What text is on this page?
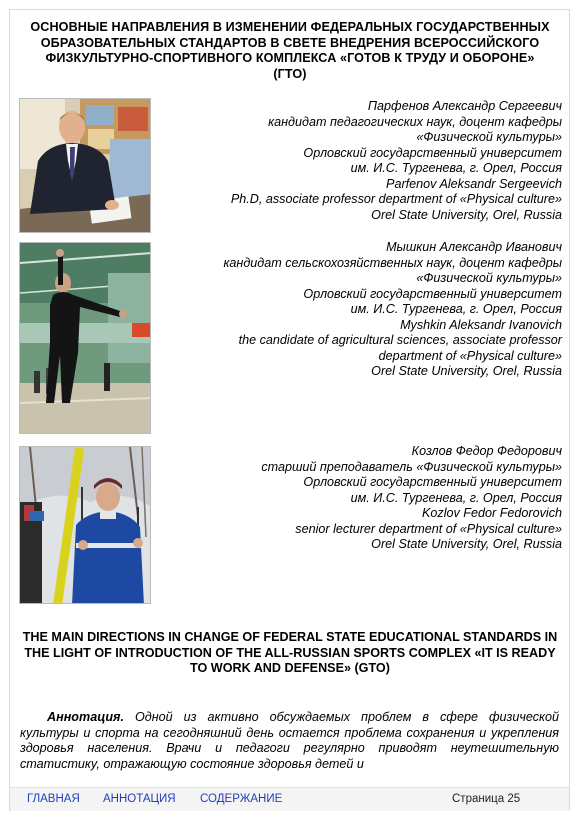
ОСНОВНЫЕ НАПРАВЛЕНИЯ В ИЗМЕНЕНИИ ФЕДЕРАЛЬНЫХ ГОСУДАРСТВЕННЫХ ОБРАЗОВАТЕЛЬНЫХ СТАНДАРТОВ В СВЕТЕ ВНЕДРЕНИЯ ВСЕРОССИЙСКОГО ФИЗКУЛЬТУРНО-СПОРТИВНОГО КОМПЛЕКСА «ГОТОВ К ТРУДУ И ОБОРОНЕ» (ГТО)
Парфенов Александр Сергеевич
кандидат педагогических наук, доцент кафедры
«Физической культуры»
Орловский государственный университет
им. И.С. Тургенева, г. Орел, Россия
Parfenov Aleksandr Sergeevich
Ph.D, associate professor department of «Physical culture»
Orel State University, Orel, Russia
Мышкин Александр Иванович
кандидат сельскохозяйственных наук, доцент кафедры
«Физической культуры»
Орловский государственный университет
им. И.С. Тургенева, г. Орел, Россия
Myshkin Aleksandr Ivanovich
the candidate of agricultural sciences, associate professor
department of «Physical culture»
Orel State University, Orel, Russia
Козлов Федор Федорович
старший преподаватель «Физической культуры»
Орловский государственный университет
им. И.С. Тургенева, г. Орел, Россия
Kozlov Fedor Fedorovich
senior lecturer department of «Physical culture»
Orel State University, Orel, Russia
THE MAIN DIRECTIONS IN CHANGE OF FEDERAL STATE EDUCATIONAL STANDARDS IN THE LIGHT OF INTRODUCTION OF THE ALL-RUSSIAN SPORTS COMPLEX «IT IS READY TO WORK AND DEFENSE» (GTO)
Аннотация. Одной из активно обсуждаемых проблем в сфере физической культуры и спорта на сегодняшний день остается проблема сохранения и укрепления здоровья населения. Врачи и педагоги регулярно приводят неутешительную статистику, отражающую состояние здоровья детей и
ГЛАВНАЯ АННОТАЦИЯ СОДЕРЖАНИЕ	Страница 25
